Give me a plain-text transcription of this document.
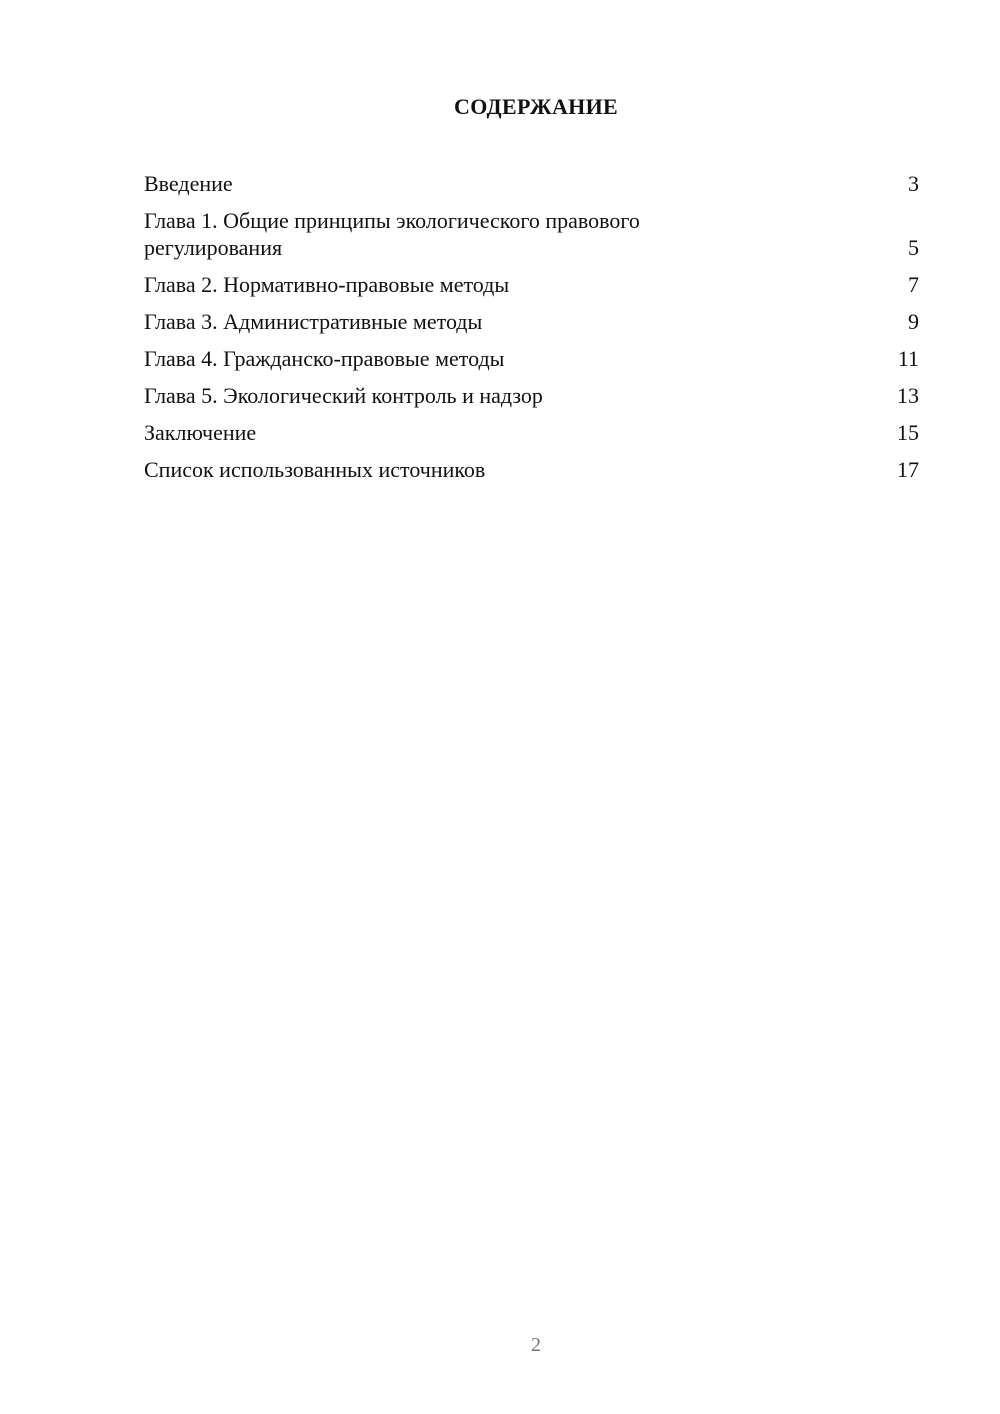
СОДЕРЖАНИЕ
Введение	3
Глава 1. Общие принципы экологического правового
регулирования	5
Глава 2. Нормативно-правовые методы	7
Глава 3. Административные методы	9
Глава 4. Гражданско-правовые методы	11
Глава 5. Экологический контроль и надзор	13
Заключение	15
Список использованных источников	17
2
